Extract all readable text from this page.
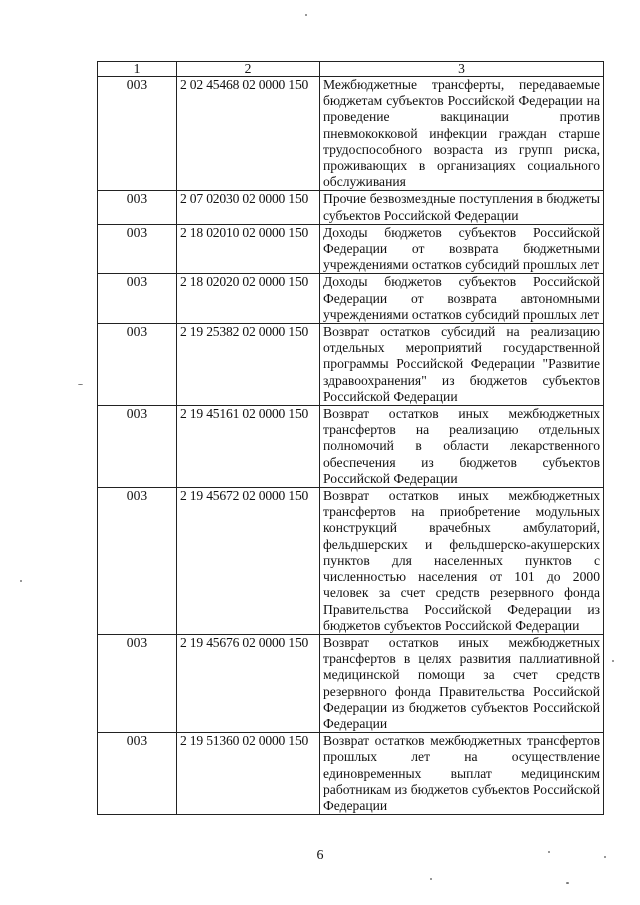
1	2	3
003	2 02 45468 02 0000 150	Межбюджетные трансферты, передаваемые бюджетам субъектов Российской Федерации на проведение вакцинации против пневмококковой инфекции граждан старше трудоспособного возраста из групп риска, проживающих в организациях социального обслуживания
003	2 07 02030 02 0000 150	Прочие безвозмездные поступления в бюджеты субъектов Российской Федерации
003	2 18 02010 02 0000 150	Доходы бюджетов субъектов Российской Федерации от возврата бюджетными учреждениями остатков субсидий прошлых лет
003	2 18 02020 02 0000 150	Доходы бюджетов субъектов Российской Федерации от возврата автономными учреждениями остатков субсидий прошлых лет
003	2 19 25382 02 0000 150	Возврат остатков субсидий на реализацию отдельных мероприятий государственной программы Российской Федерации "Развитие здравоохранения" из бюджетов субъектов Российской Федерации
003	2 19 45161 02 0000 150	Возврат остатков иных межбюджетных трансфертов на реализацию отдельных полномочий в области лекарственного обеспечения из бюджетов субъектов Российской Федерации
003	2 19 45672 02 0000 150	Возврат остатков иных межбюджетных трансфертов на приобретение модульных конструкций врачебных амбулаторий, фельдшерских и фельдшерско-акушерских пунктов для населенных пунктов с численностью населения от 101 до 2000 человек за счет средств резервного фонда Правительства Российской Федерации из бюджетов субъектов Российской Федерации
003	2 19 45676 02 0000 150	Возврат остатков иных межбюджетных трансфертов в целях развития паллиативной медицинской помощи за счет средств резервного фонда Правительства Российской Федерации из бюджетов субъектов Российской Федерации
003	2 19 51360 02 0000 150	Возврат остатков межбюджетных трансфертов прошлых лет на осуществление единовременных выплат медицинским работникам из бюджетов субъектов Российской Федерации
6
